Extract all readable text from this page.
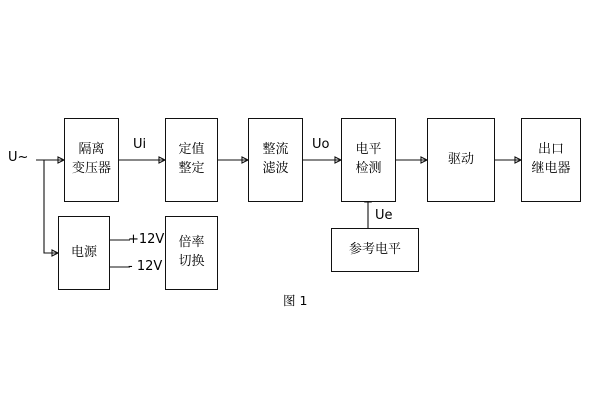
U~
隔离
变压器
Ui 定值
整定
整流
滤波
Uo 电平
检测
驱动
出口
继电器
电源
+12V
- 12V
倍率
切换
Ue
参考电平
图 1
